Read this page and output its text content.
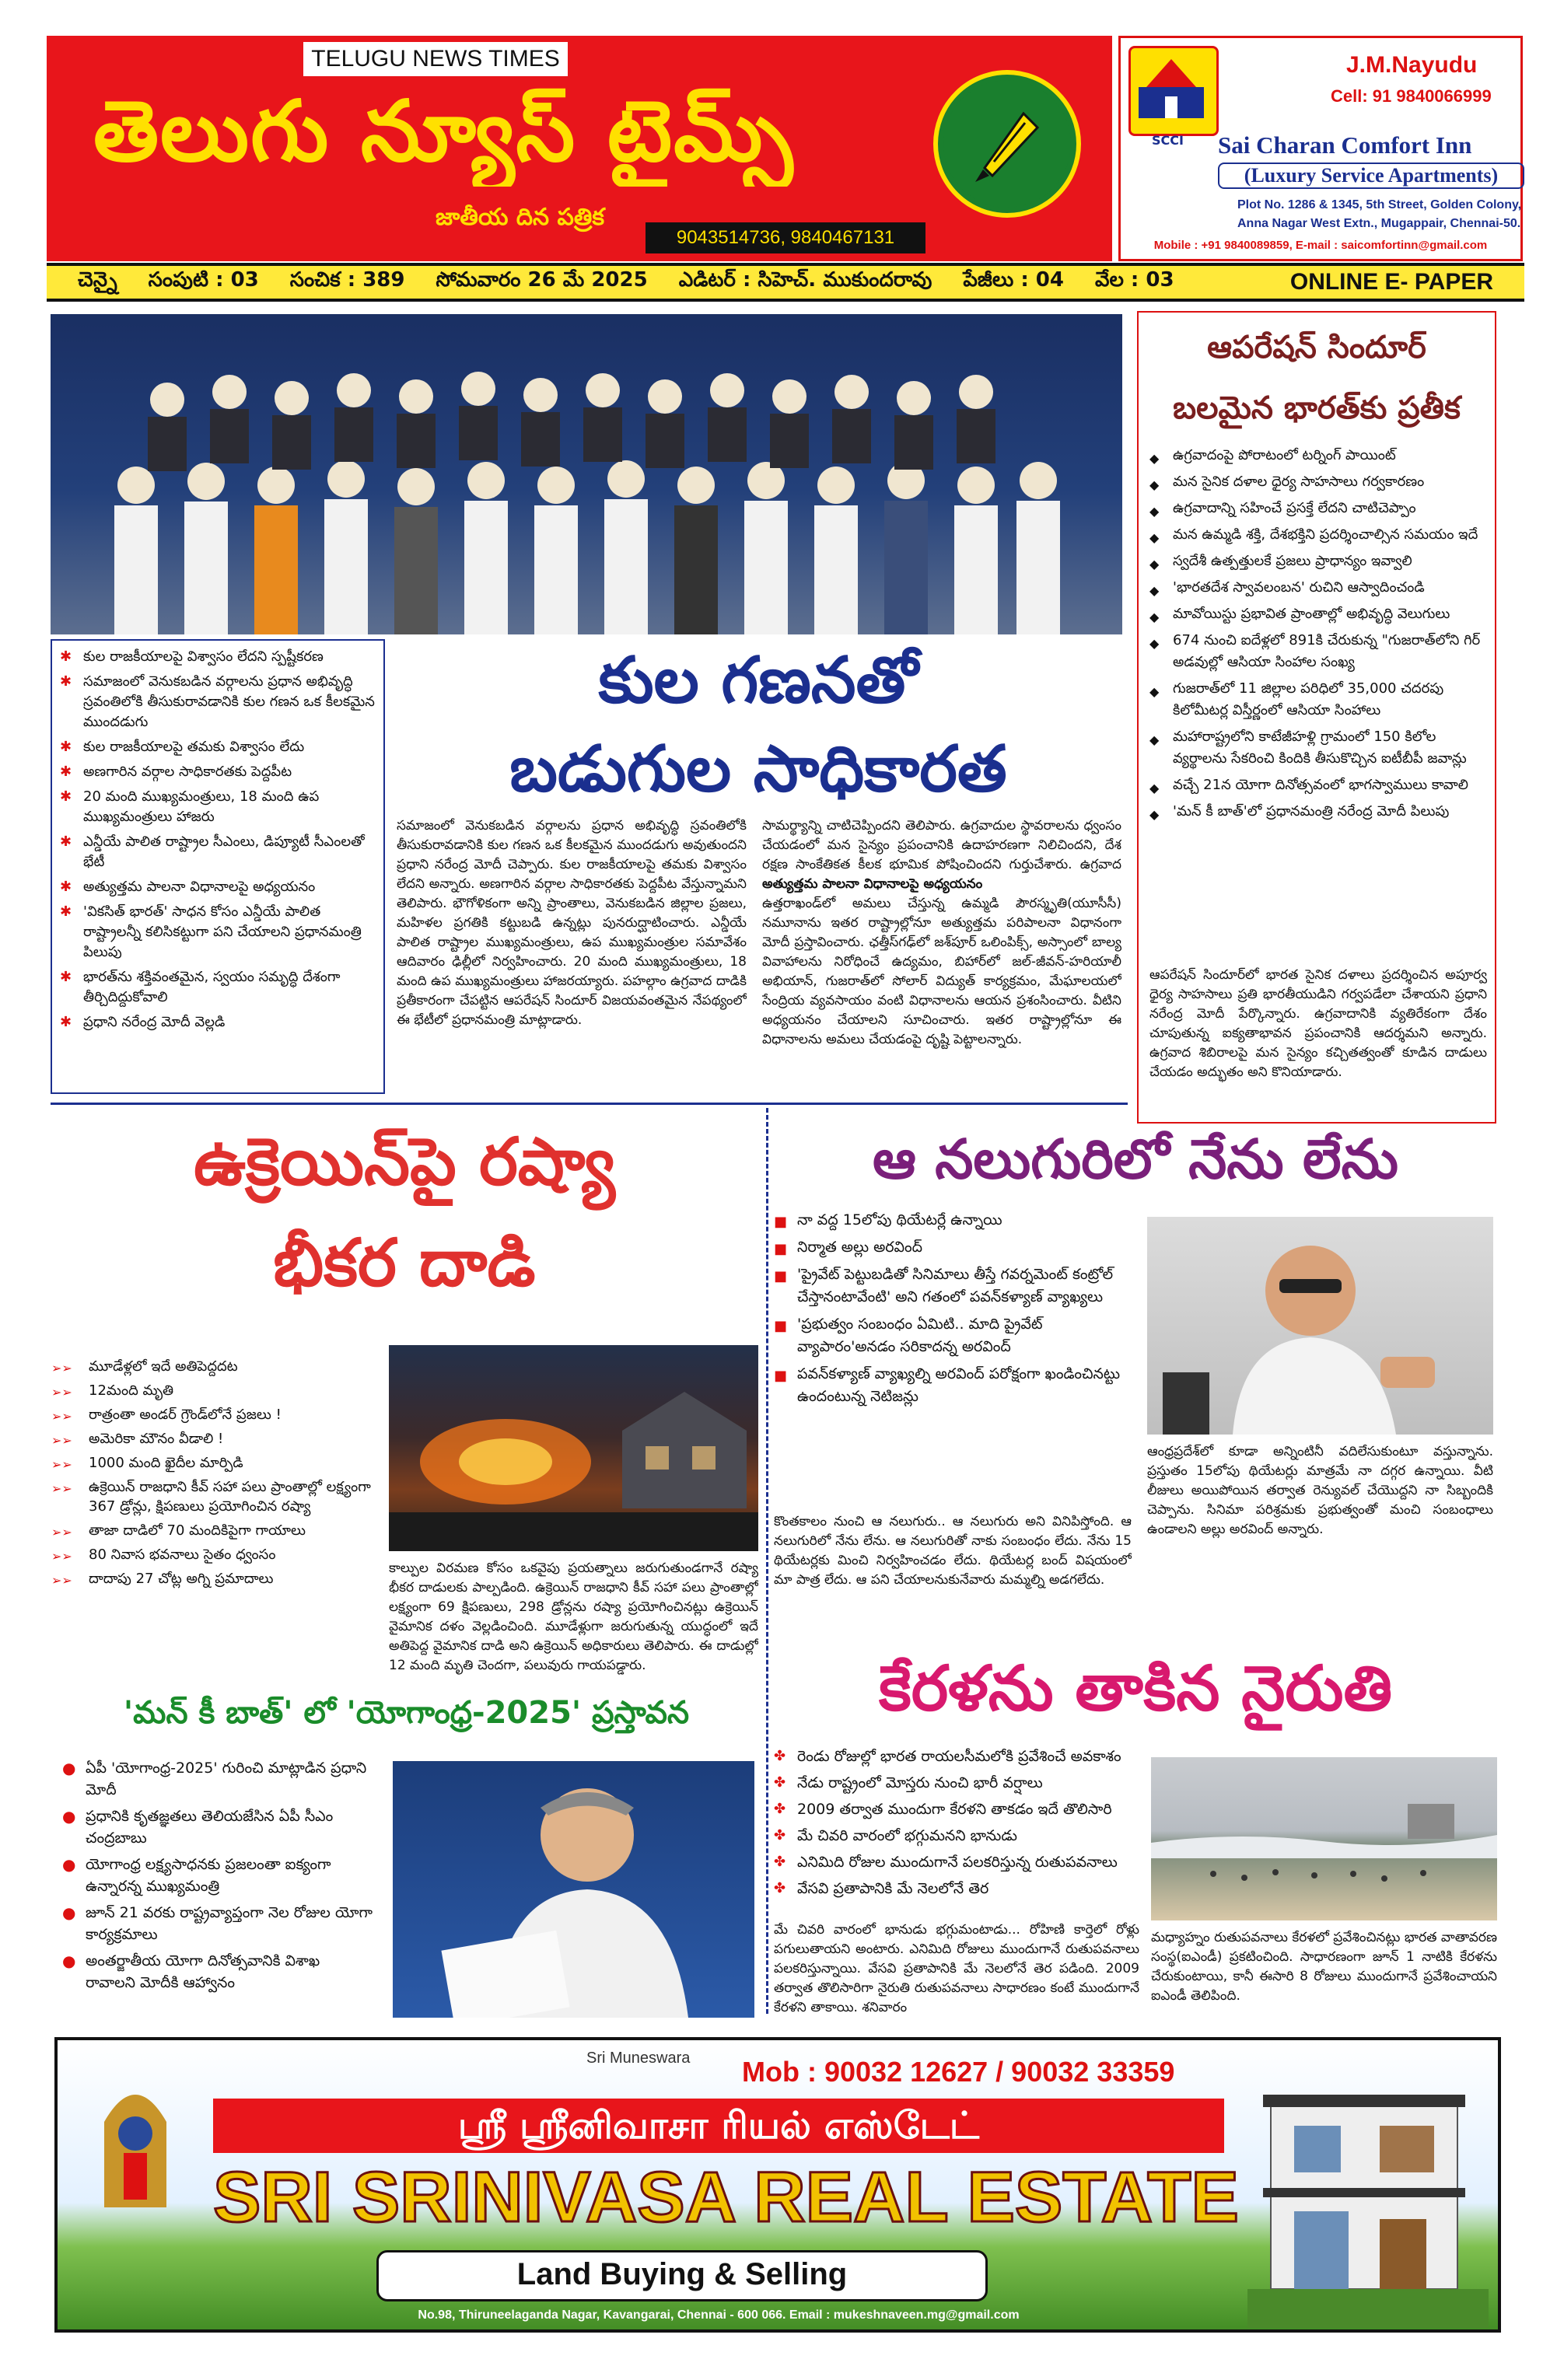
TELUGU NEWS TIMES
తెలుగు న్యూస్ టైమ్స్
జాతీయ దిన పత్రిక
9043514736, 9840467131
SCCI
J.M.Nayudu
Cell: 91 9840066999
Sai Charan Comfort Inn
(Luxury Service Apartments)
Plot No. 1286 & 1345, 5th Street, Golden Colony,
Anna Nagar West Extn., Mugappair, Chennai-50.
Mobile : +91 9840089859, E-mail : saicomfortinn@gmail.com
చెన్నై సంపుటి : 03 సంచిక : 389 సోమవారం 26 మే 2025 ఎడిటర్ : సిహెచ్. ముకుందరావు పేజీలు : 04 వేల : 03	ONLINE E- PAPER
ఆపరేషన్ సిందూర్
బలమైన భారత్‌కు ప్రతీక
◆ ఉగ్రవాదంపై పోరాటంలో టర్నింగ్ పాయింట్
◆ మన సైనిక దళాల ధైర్య సాహసాలు గర్వకారణం
◆ ఉగ్రవాదాన్ని సహించే ప్రసక్తే లేదని చాటిచెప్పాం
◆ మన ఉమ్మడి శక్తి, దేశభక్తిని ప్రదర్శించాల్సిన సమయం ఇదే
◆ స్వదేశీ ఉత్పత్తులకే ప్రజలు ప్రాధాన్యం ఇవ్వాలి
◆ 'భారతదేశ స్వావలంబన' రుచిని ఆస్వాదించండి
◆ మావోయిస్టు ప్రభావిత ప్రాంతాల్లో అభివృద్ధి వెలుగులు
◆ 674 నుంచి ఐదేళ్లలో 891కి చేరుకున్న "గుజరాత్‌లోని గిర్ అడవుల్లో ఆసియా సింహాల సంఖ్య
◆ గుజరాత్‌లో 11 జిల్లాల పరిధిలో 35,000 చదరపు కిలోమీటర్ల విస్తీర్ణంలో ఆసియా సింహాలు
◆ మహారాష్ట్రలోని కాటేజీహళ్లి గ్రామంలో 150 కిలోల వ్యర్థాలను సేకరించి కిందికి తీసుకొచ్చిన ఐటీబీపీ జవాన్లు
◆ వచ్చే 21న యోగా దినోత్సవంలో భాగస్వాములు కావాలి
◆ 'మన్ కీ బాత్'లో ప్రధానమంత్రి నరేంద్ర మోదీ పిలుపు
ఆపరేషన్ సిందూర్‌లో భారత సైనిక దళాలు ప్రదర్శించిన అపూర్వ ధైర్య సాహసాలు ప్రతి భారతీయుడిని గర్వపడేలా చేశాయని ప్రధాని నరేంద్ర మోదీ పేర్కొన్నారు. ఉగ్రవాదానికి వ్యతిరేకంగా దేశం చూపుతున్న ఐక్యతాభావన ప్రపంచానికి ఆదర్శమని అన్నారు. ఉగ్రవాద శిబిరాలపై మన సైన్యం కచ్చితత్వంతో కూడిన దాడులు చేయడం అద్భుతం అని కొనియాడారు.
✱ కుల రాజకీయాలపై విశ్వాసం లేదని స్పష్టీకరణ
✱ సమాజంలో వెనుకబడిన వర్గాలను ప్రధాన అభివృద్ధి స్రవంతిలోకి తీసుకురావడానికి కుల గణన ఒక కీలకమైన ముందడుగు
✱ కుల రాజకీయాలపై తమకు విశ్వాసం లేదు
✱ అణగారిన వర్గాల సాధికారతకు పెద్దపీట
✱ 20 మంది ముఖ్యమంత్రులు, 18 మంది ఉప ముఖ్యమంత్రులు హాజరు
✱ ఎన్డీయే పాలిత రాష్ట్రాల సీఎంలు, డిప్యూటీ సీఎంలతో భేటీ
✱ అత్యుత్తమ పాలనా విధానాలపై అధ్యయనం
✱ 'వికసిత్ భారత్' సాధన కోసం ఎన్డీయే పాలిత రాష్ట్రాలన్నీ కలిసికట్టుగా పని చేయాలని ప్రధానమంత్రి పిలుపు
✱ భారత్‌ను శక్తివంతమైన, స్వయం సమృద్ధి దేశంగా తీర్చిదిద్దుకోవాలి
✱ ప్రధాని నరేంద్ర మోదీ వెల్లడి
కుల గణనతో
బడుగుల సాధికారత
సమాజంలో వెనుకబడిన వర్గాలను ప్రధాన అభివృద్ధి స్రవంతిలోకి తీసుకురావడానికి కుల గణన ఒక కీలకమైన ముందడుగు అవుతుందని ప్రధాని నరేంద్ర మోదీ చెప్పారు. కుల రాజకీయాలపై తమకు విశ్వాసం లేదని అన్నారు. అణగారిన వర్గాల సాధికారతకు పెద్దపీట వేస్తున్నామని తెలిపారు. భౌగోళికంగా అన్ని ప్రాంతాలు, వెనుకబడిన జిల్లాల ప్రజలు, మహిళల ప్రగతికి కట్టుబడి ఉన్నట్లు పునరుద్ఘాటించారు. ఎన్డీయే పాలిత రాష్ట్రాల ముఖ్యమంత్రులు, ఉప ముఖ్యమంత్రుల సమావేశం ఆదివారం ఢిల్లీలో నిర్వహించారు. 20 మంది ముఖ్యమంత్రులు, 18 మంది ఉప ముఖ్యమంత్రులు హాజరయ్యారు. పహల్గాం ఉగ్రవాద దాడికి ప్రతీకారంగా చేపట్టిన ఆపరేషన్ సిందూర్ విజయవంతమైన నేపథ్యంలో ఈ భేటీలో ప్రధానమంత్రి మాట్లాడారు.
సామర్థ్యాన్ని చాటిచెప్పిందని తెలిపారు. ఉగ్రవాదుల స్థావరాలను ధ్వంసం చేయడంలో మన సైన్యం ప్రపంచానికి ఉదాహరణగా నిలిచిందని, దేశ రక్షణ సాంకేతికత కీలక భూమిక పోషించిందని గుర్తుచేశారు. ఉగ్రవాద
అత్యుత్తమ పాలనా విధానాలపై అధ్యయనం
ఉత్తరాఖండ్‌లో అమలు చేస్తున్న ఉమ్మడి పౌరస్మృతి(యూసీసీ) నమూనాను ఇతర రాష్ట్రాల్లోనూ అత్యుత్తమ పరిపాలనా విధానంగా మోదీ ప్రస్తావించారు. ఛత్తీస్‌గఢ్‌లో జశ్‌పూర్ ఒలింపిక్స్, అస్సాంలో బాల్య వివాహాలను నిరోధించే ఉద్యమం, బిహార్‌లో జల్-జీవన్-హరియాలీ అభియాన్, గుజరాత్‌లో సోలార్ విద్యుత్ కార్యక్రమం, మేఘాలయలో సేంద్రియ వ్యవసాయం వంటి విధానాలను ఆయన ప్రశంసించారు. వీటిని అధ్యయనం చేయాలని సూచించారు. ఇతర రాష్ట్రాల్లోనూ ఈ విధానాలను అమలు చేయడంపై దృష్టి పెట్టాలన్నారు.
ఉక్రెయిన్‌పై రష్యా
భీకర దాడి
➢➢ మూడేళ్లలో ఇదే అతిపెద్దదట
➢➢ 12మంది మృతి
➢➢ రాత్రంతా అండర్ గ్రౌండ్‌లోనే ప్రజలు !
➢➢ అమెరికా మౌనం వీడాలి !
➢➢ 1000 మంది ఖైదీల మార్పిడి
➢➢ ఉక్రెయిన్ రాజధాని కీవ్ సహా పలు ప్రాంతాల్లో లక్ష్యంగా 367 డ్రోన్లు, క్షిపణులు ప్రయోగించిన రష్యా
➢➢ తాజా దాడిలో 70 మందికిపైగా గాయాలు
➢➢ 80 నివాస భవనాలు సైతం ధ్వంసం
➢➢ దాదాపు 27 చోట్ల అగ్ని ప్రమాదాలు
కాల్పుల విరమణ కోసం ఒకవైపు ప్రయత్నాలు జరుగుతుండగానే రష్యా భీకర దాడులకు పాల్పడింది. ఉక్రెయిన్ రాజధాని కీవ్ సహా పలు ప్రాంతాల్లో లక్ష్యంగా 69 క్షిపణులు, 298 డ్రోన్లను రష్యా ప్రయోగించినట్లు ఉక్రెయిన్ వైమానిక దళం వెల్లడించింది. మూడేళ్లుగా జరుగుతున్న యుద్ధంలో ఇదే అతిపెద్ద వైమానిక దాడి అని ఉక్రెయిన్ అధికారులు తెలిపారు. ఈ దాడుల్లో 12 మంది మృతి చెందగా, పలువురు గాయపడ్డారు.
'మన్ కీ బాత్' లో 'యోగాంధ్ర-2025' ప్రస్తావన
● ఏపీ 'యోగాంధ్ర-2025' గురించి మాట్లాడిన ప్రధాని మోదీ
● ప్రధానికి కృతజ్ఞతలు తెలియజేసిన ఏపీ సీఎం చంద్రబాబు
● యోగాంధ్ర లక్ష్యసాధనకు ప్రజలంతా ఐక్యంగా ఉన్నారన్న ముఖ్యమంత్రి
● జూన్ 21 వరకు రాష్ట్రవ్యాప్తంగా నెల రోజుల యోగా కార్యక్రమాలు
● అంతర్జాతీయ యోగా దినోత్సవానికి విశాఖ రావాలని మోదీకి ఆహ్వానం
ఆ నలుగురిలో నేను లేను
■ నా వద్ద 15లోపు థియేటర్లే ఉన్నాయి
■ నిర్మాత అల్లు అరవింద్
■ 'ప్రైవేట్ పెట్టుబడితో సినిమాలు తీస్తే గవర్నమెంట్ కంట్రోల్ చేస్తానంటావేంటి' అని గతంలో పవన్‌కళ్యాణ్ వ్యాఖ్యలు
■ 'ప్రభుత్వం సంబంధం ఏమిటి.. మాది ప్రైవేట్ వ్యాపారం'అనడం సరికాదన్న అరవింద్
■ పవన్‌కళ్యాణ్ వ్యాఖ్యల్ని అరవింద్ పరోక్షంగా ఖండించినట్టు ఉందంటున్న నెటిజన్లు
కొంతకాలం నుంచి ఆ నలుగురు.. ఆ నలుగురు అని వినిపిస్తోంది. ఆ నలుగురిలో నేను లేను. ఆ నలుగురితో నాకు సంబంధం లేదు. నేను 15 థియేటర్లకు మించి నిర్వహించడం లేదు. థియేటర్ల బంద్ విషయంలో మా పాత్ర లేదు. ఆ పని చేయాలనుకునేవారు మమ్మల్ని అడగలేదు.
ఆంధ్రప్రదేశ్‌లో కూడా అన్నింటినీ వదిలేసుకుంటూ వస్తున్నాను. ప్రస్తుతం 15లోపు థియేటర్లు మాత్రమే నా దగ్గర ఉన్నాయి. వీటి లీజులు అయిపోయిన తర్వాత రెన్యువల్ చేయొద్దని నా సిబ్బందికి చెప్పాను. సినిమా పరిశ్రమకు ప్రభుత్వంతో మంచి సంబంధాలు ఉండాలని అల్లు అరవింద్ అన్నారు.
కేరళను తాకిన నైరుతి
✤ రెండు రోజుల్లో భారత రాయలసీమలోకి ప్రవేశించే అవకాశం
✤ నేడు రాష్ట్రంలో మోస్తరు నుంచి భారీ వర్షాలు
✤ 2009 తర్వాత ముందుగా కేరళని తాకడం ఇదే తొలిసారి
✤ మే చివరి వారంలో భగ్గుమనని భానుడు
✤ ఎనిమిది రోజుల ముందుగానే పలకరిస్తున్న రుతుపవనాలు
✤ వేసవి ప్రతాపానికి మే నెలలోనే తెర
మే చివరి వారంలో భానుడు భగ్గుమంటాడు... రోహిణి కార్తెలో రోళ్లు పగులుతాయని అంటారు. ఎనిమిది రోజులు ముందుగానే రుతుపవనాలు పలకరిస్తున్నాయి. వేసవి ప్రతాపానికి మే నెలలోనే తెర పడింది. 2009 తర్వాత తొలిసారిగా నైరుతి రుతుపవనాలు సాధారణం కంటే ముందుగానే కేరళని తాకాయి. శనివారం
మధ్యాహ్నం రుతుపవనాలు కేరళలో ప్రవేశించినట్లు భారత వాతావరణ సంస్థ(ఐఎండీ) ప్రకటించింది. సాధారణంగా జూన్ 1 నాటికి కేరళను చేరుకుంటాయి, కానీ ఈసారి 8 రోజులు ముందుగానే ప్రవేశించాయని ఐఎండీ తెలిపింది.
Sri Muneswara Mob : 90032 12627 / 90032 33359
ஸ்ரீ ஸ்ரீனிவாசா ரியல் எஸ்டேட்
SRI SRINIVASA REAL ESTATE
Land Buying & Selling
No.98, Thiruneelaganda Nagar, Kavangarai, Chennai - 600 066. Email : mukeshnaveen.mg@gmail.com
